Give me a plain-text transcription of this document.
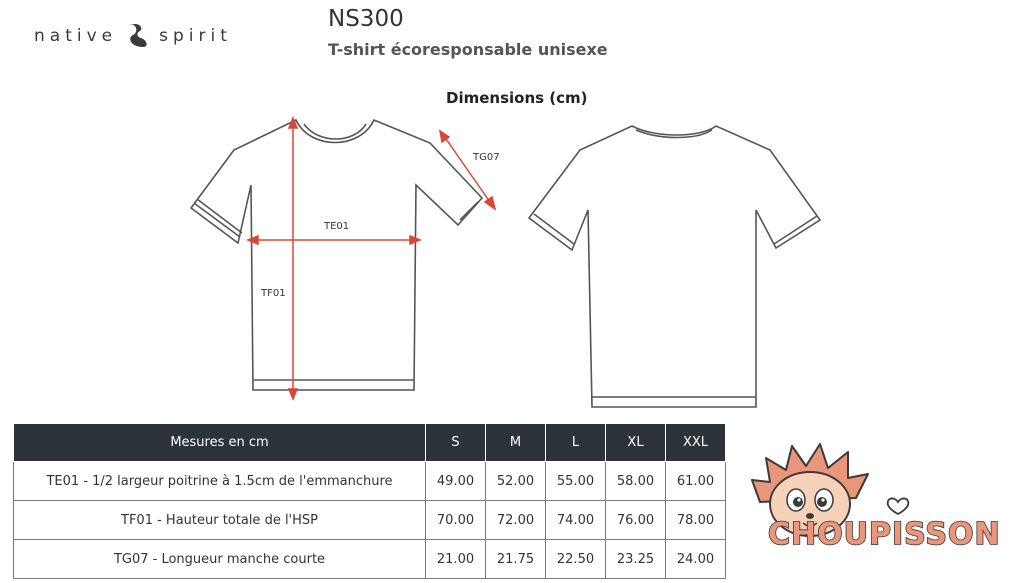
native spirit
NS300
T-shirt écoresponsable unisexe
Dimensions (cm)
TE01
TF01
TG07
Mesures en cm	S	M	L	XL	XXL
TE01 - 1/2 largeur poitrine à 1.5cm de l'emmanchure	49.00	52.00	55.00	58.00	61.00
TF01 - Hauteur totale de l'HSP	70.00	72.00	74.00	76.00	78.00
TG07 - Longueur manche courte	21.00	21.75	22.50	23.25	24.00
CHOUPISSON
